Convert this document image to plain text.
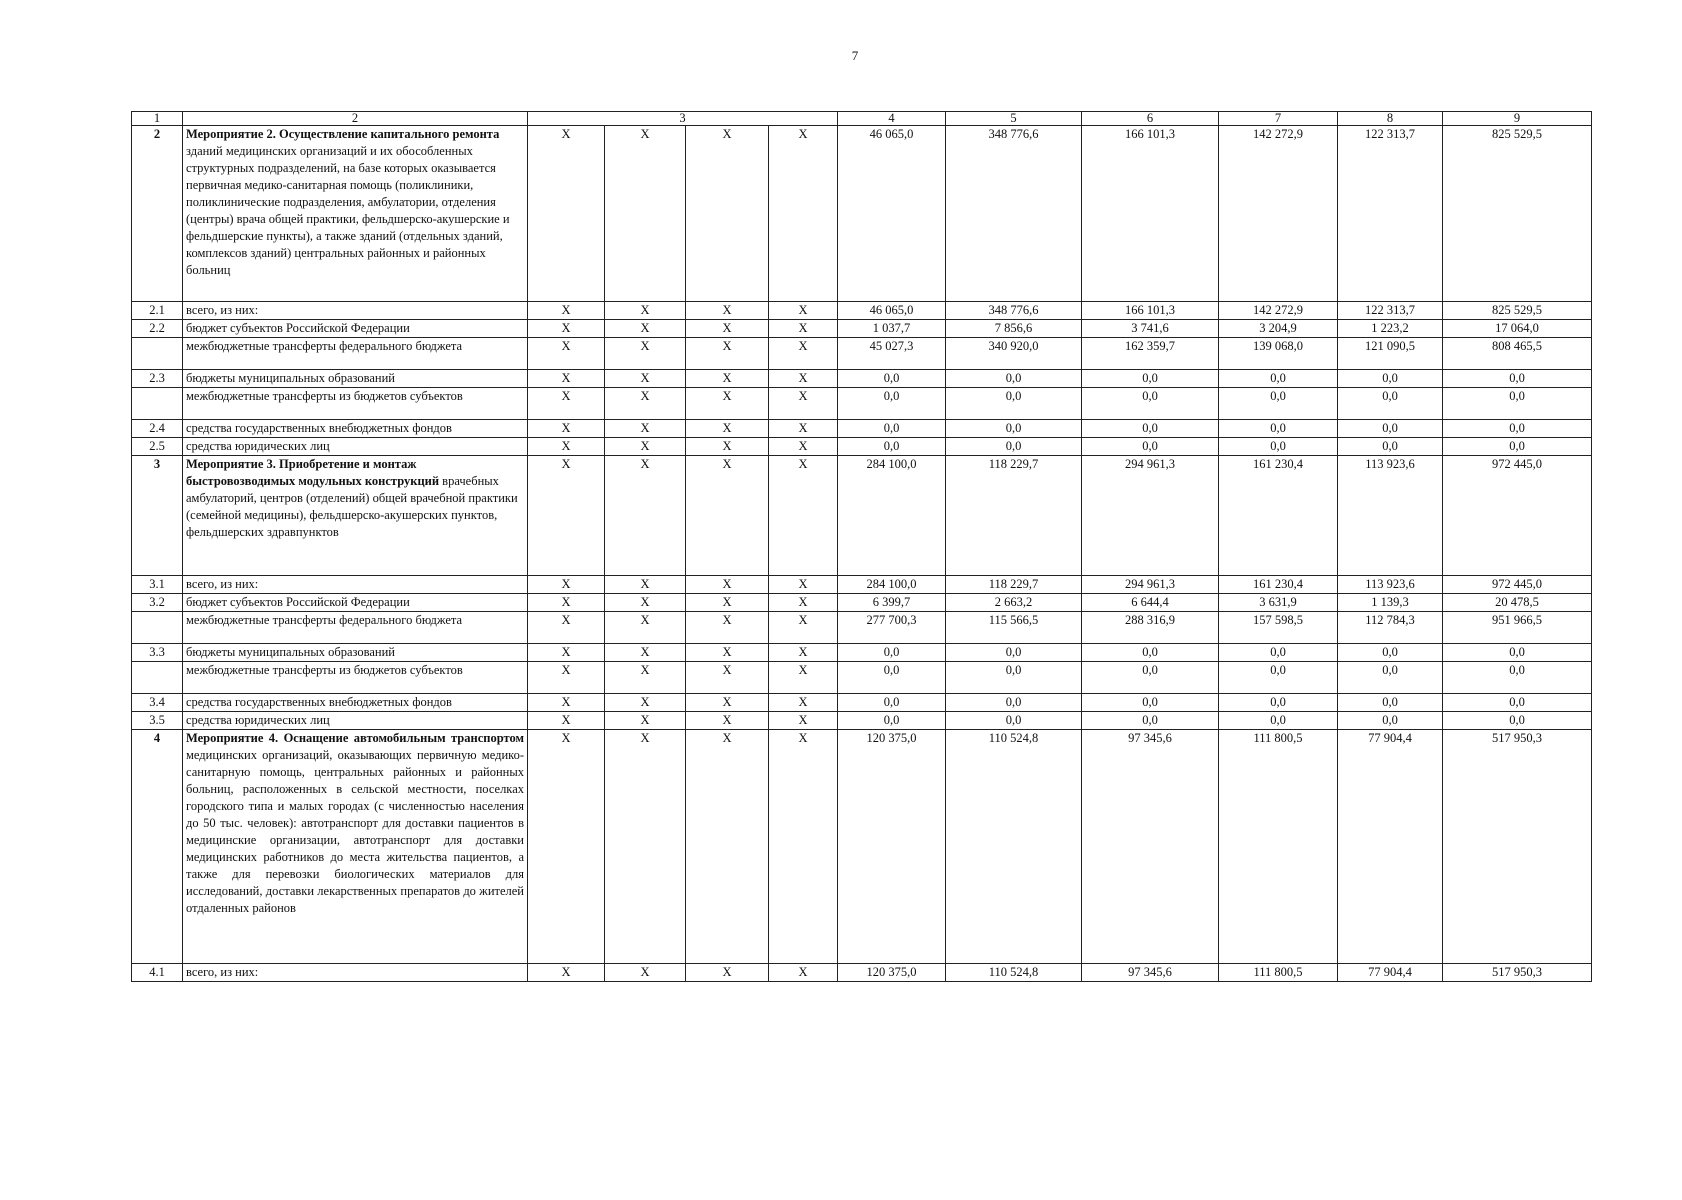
7
1	2	3				4	5	6	7	8	9
2	Мероприятие 2. Осуществление капитального ремонта зданий медицинских организаций и их обособленных структурных подразделений, на базе которых оказывается первичная медико-санитарная помощь (поликлиники, поликлинические подразделения, амбулатории, отделения (центры) врача общей практики, фельдшерско-акушерские и фельдшерские пункты), а также зданий (отдельных зданий, комплексов зданий) центральных районных и районных больниц	X	X	X	X	46 065,0	348 776,6	166 101,3	142 272,9	122 313,7	825 529,5
2.1	всего, из них:	X	X	X	X	46 065,0	348 776,6	166 101,3	142 272,9	122 313,7	825 529,5
2.2	бюджет субъектов Российской Федерации	X	X	X	X	1 037,7	7 856,6	3 741,6	3 204,9	1 223,2	17 064,0
	межбюджетные трансферты федерального бюджета	X	X	X	X	45 027,3	340 920,0	162 359,7	139 068,0	121 090,5	808 465,5
2.3	бюджеты муниципальных образований	X	X	X	X	0,0	0,0	0,0	0,0	0,0	0,0
	межбюджетные трансферты из бюджетов субъектов	X	X	X	X	0,0	0,0	0,0	0,0	0,0	0,0
2.4	средства государственных внебюджетных фондов	X	X	X	X	0,0	0,0	0,0	0,0	0,0	0,0
2.5	средства юридических лиц	X	X	X	X	0,0	0,0	0,0	0,0	0,0	0,0
3	Мероприятие 3. Приобретение и монтаж быстровозводимых модульных конструкций врачебных амбулаторий, центров (отделений) общей врачебной практики (семейной медицины), фельдшерско-акушерских пунктов, фельдшерских здравпунктов	X	X	X	X	284 100,0	118 229,7	294 961,3	161 230,4	113 923,6	972 445,0
3.1	всего, из них:	X	X	X	X	284 100,0	118 229,7	294 961,3	161 230,4	113 923,6	972 445,0
3.2	бюджет субъектов Российской Федерации	X	X	X	X	6 399,7	2 663,2	6 644,4	3 631,9	1 139,3	20 478,5
	межбюджетные трансферты федерального бюджета	X	X	X	X	277 700,3	115 566,5	288 316,9	157 598,5	112 784,3	951 966,5
3.3	бюджеты муниципальных образований	X	X	X	X	0,0	0,0	0,0	0,0	0,0	0,0
	межбюджетные трансферты из бюджетов субъектов	X	X	X	X	0,0	0,0	0,0	0,0	0,0	0,0
3.4	средства государственных внебюджетных фондов	X	X	X	X	0,0	0,0	0,0	0,0	0,0	0,0
3.5	средства юридических лиц	X	X	X	X	0,0	0,0	0,0	0,0	0,0	0,0
4	Мероприятие 4. Оснащение автомобильным транспортом медицинских организаций, оказывающих первичную медико-санитарную помощь, центральных районных и районных больниц, расположенных в сельской местности, поселках городского типа и малых городах (с численностью населения до 50 тыс. человек): автотранспорт для доставки пациентов в медицинские организации, автотранспорт для доставки медицинских работников до места жительства пациентов, а также для перевозки биологических материалов для исследований, доставки лекарственных препаратов до жителей отдаленных районов	X	X	X	X	120 375,0	110 524,8	97 345,6	111 800,5	77 904,4	517 950,3
4.1	всего, из них:	X	X	X	X	120 375,0	110 524,8	97 345,6	111 800,5	77 904,4	517 950,3
